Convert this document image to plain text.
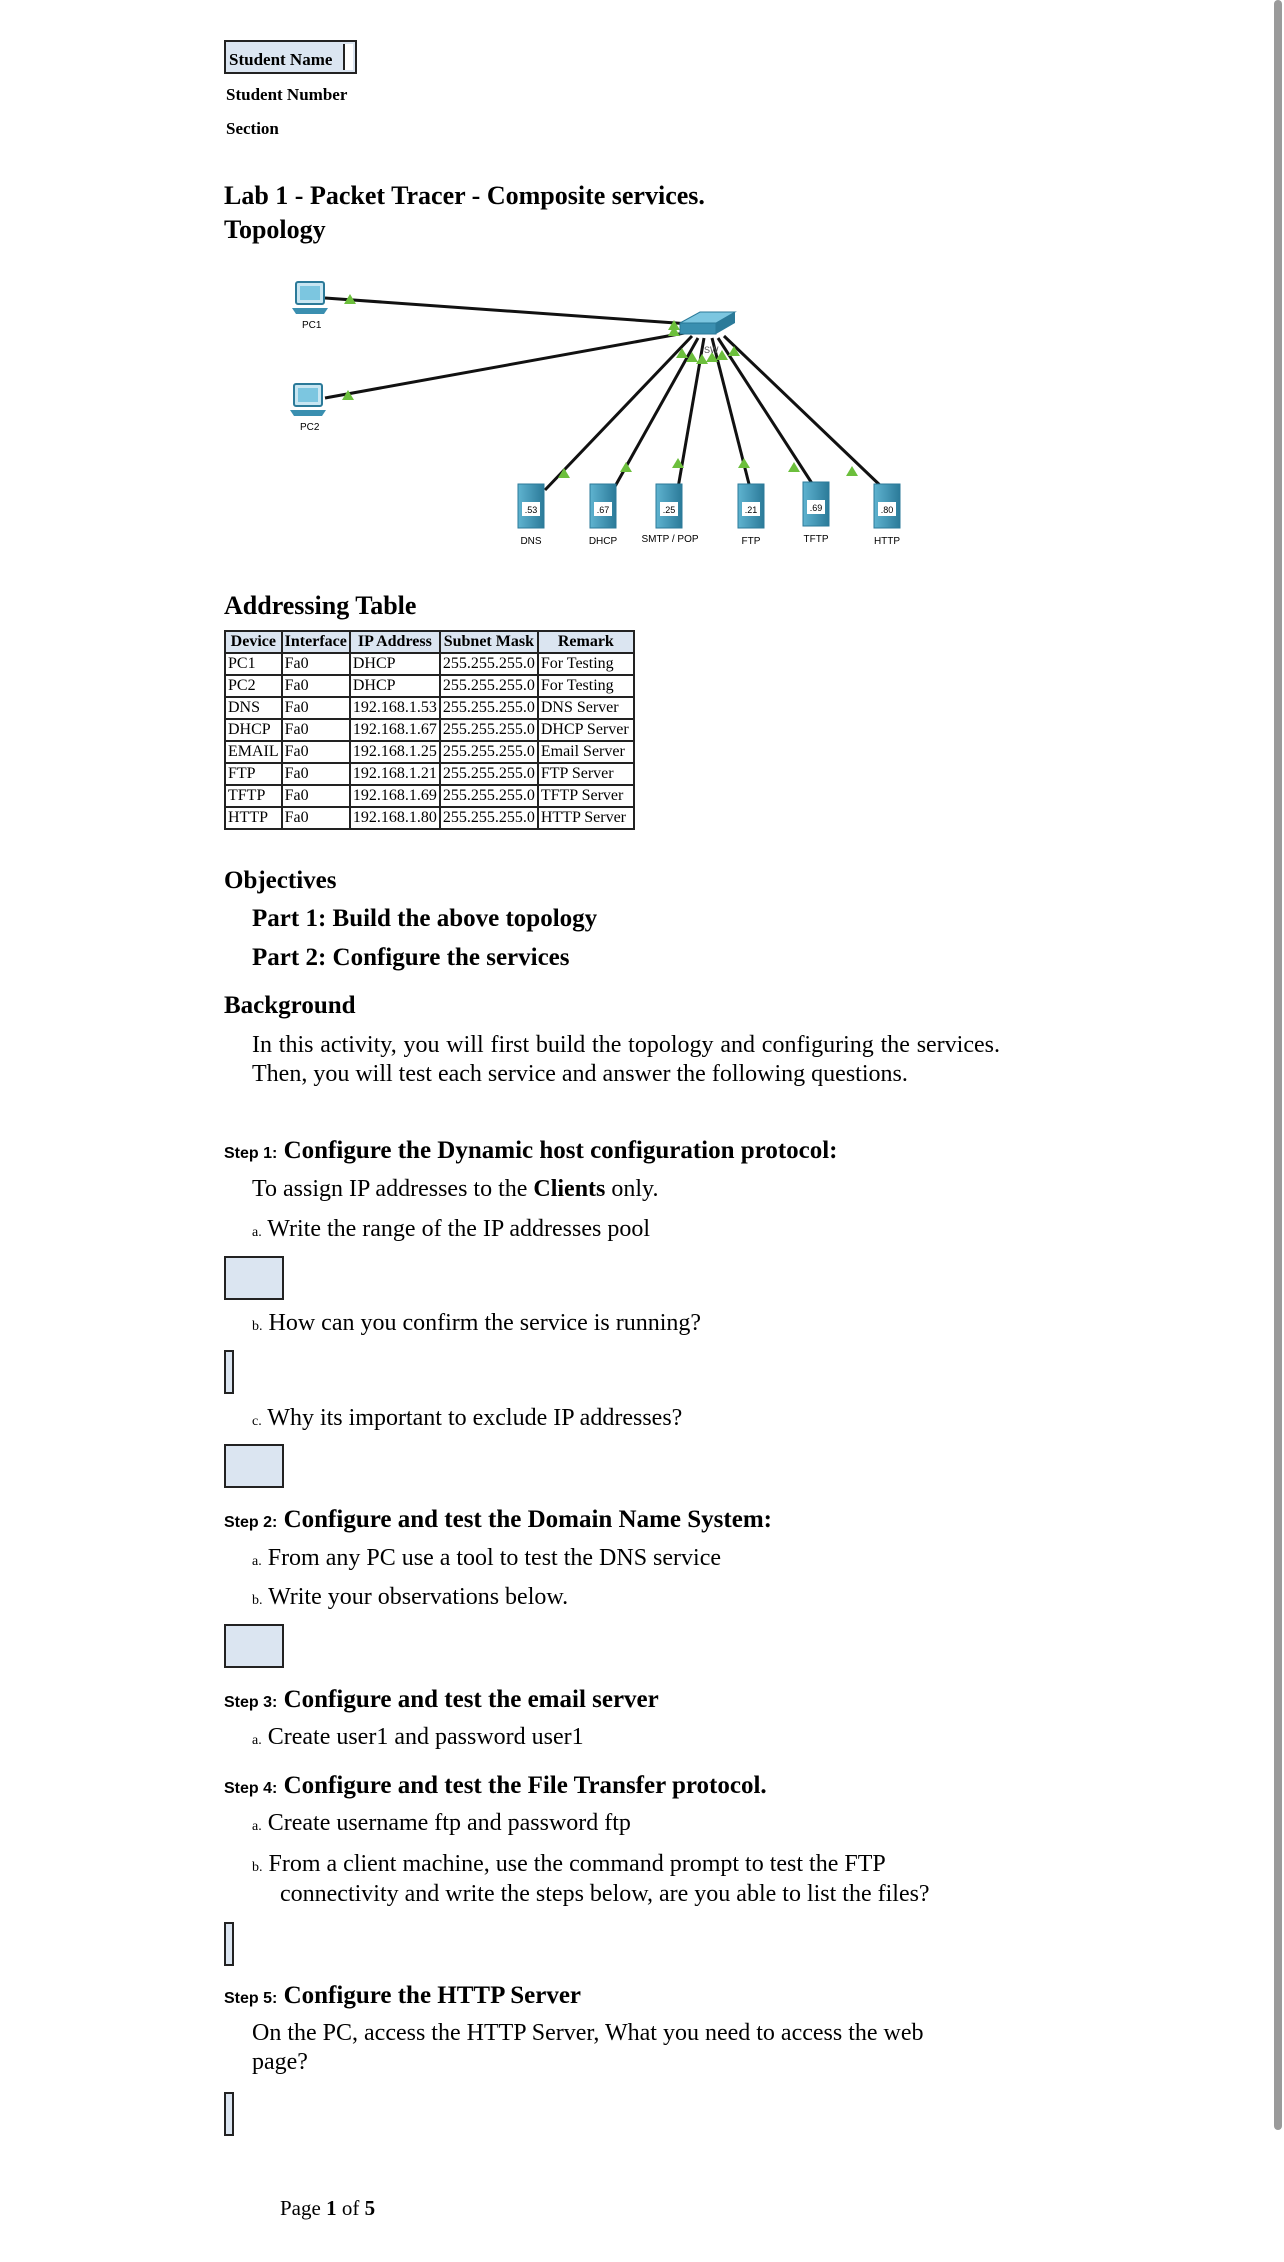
Student Name
Student Number
Section
Lab 1 - Packet Tracer - Composite services.
Topology
PC1
PC2
.53
DNS
.67
DHCP
.25
SMTP / POP
.21
FTP
.69
TFTP
.80
HTTP
SW
Addressing Table
Device	Interface	IP Address	Subnet Mask	Remark
PC1	Fa0	DHCP	255.255.255.0	For Testing
PC2	Fa0	DHCP	255.255.255.0	For Testing
DNS	Fa0	192.168.1.53	255.255.255.0	DNS Server
DHCP	Fa0	192.168.1.67	255.255.255.0	DHCP Server
EMAIL	Fa0	192.168.1.25	255.255.255.0	Email Server
FTP	Fa0	192.168.1.21	255.255.255.0	FTP Server
TFTP	Fa0	192.168.1.69	255.255.255.0	TFTP Server
HTTP	Fa0	192.168.1.80	255.255.255.0	HTTP Server
Objectives
Part 1: Build the above topology
Part 2: Configure the services
Background
In this activity, you will first build the topology and configuring the services. Then, you will test each service and answer the following questions.
Step 1: Configure the Dynamic host configuration protocol:
To assign IP addresses to the Clients only.
a. Write the range of the IP addresses pool
b. How can you confirm the service is running?
c. Why its important to exclude IP addresses?
Step 2: Configure and test the Domain Name System:
a. From any PC use a tool to test the DNS service
b. Write your observations below.
Step 3: Configure and test the email server
a. Create user1 and password user1
Step 4: Configure and test the File Transfer protocol.
a. Create username ftp and password ftp
b. From a client machine, use the command prompt to test the FTP
connectivity and write the steps below, are you able to list the files?
Step 5: Configure the HTTP Server
On the PC, access the HTTP Server, What you need to access the web
page?
Page 1 of 5
